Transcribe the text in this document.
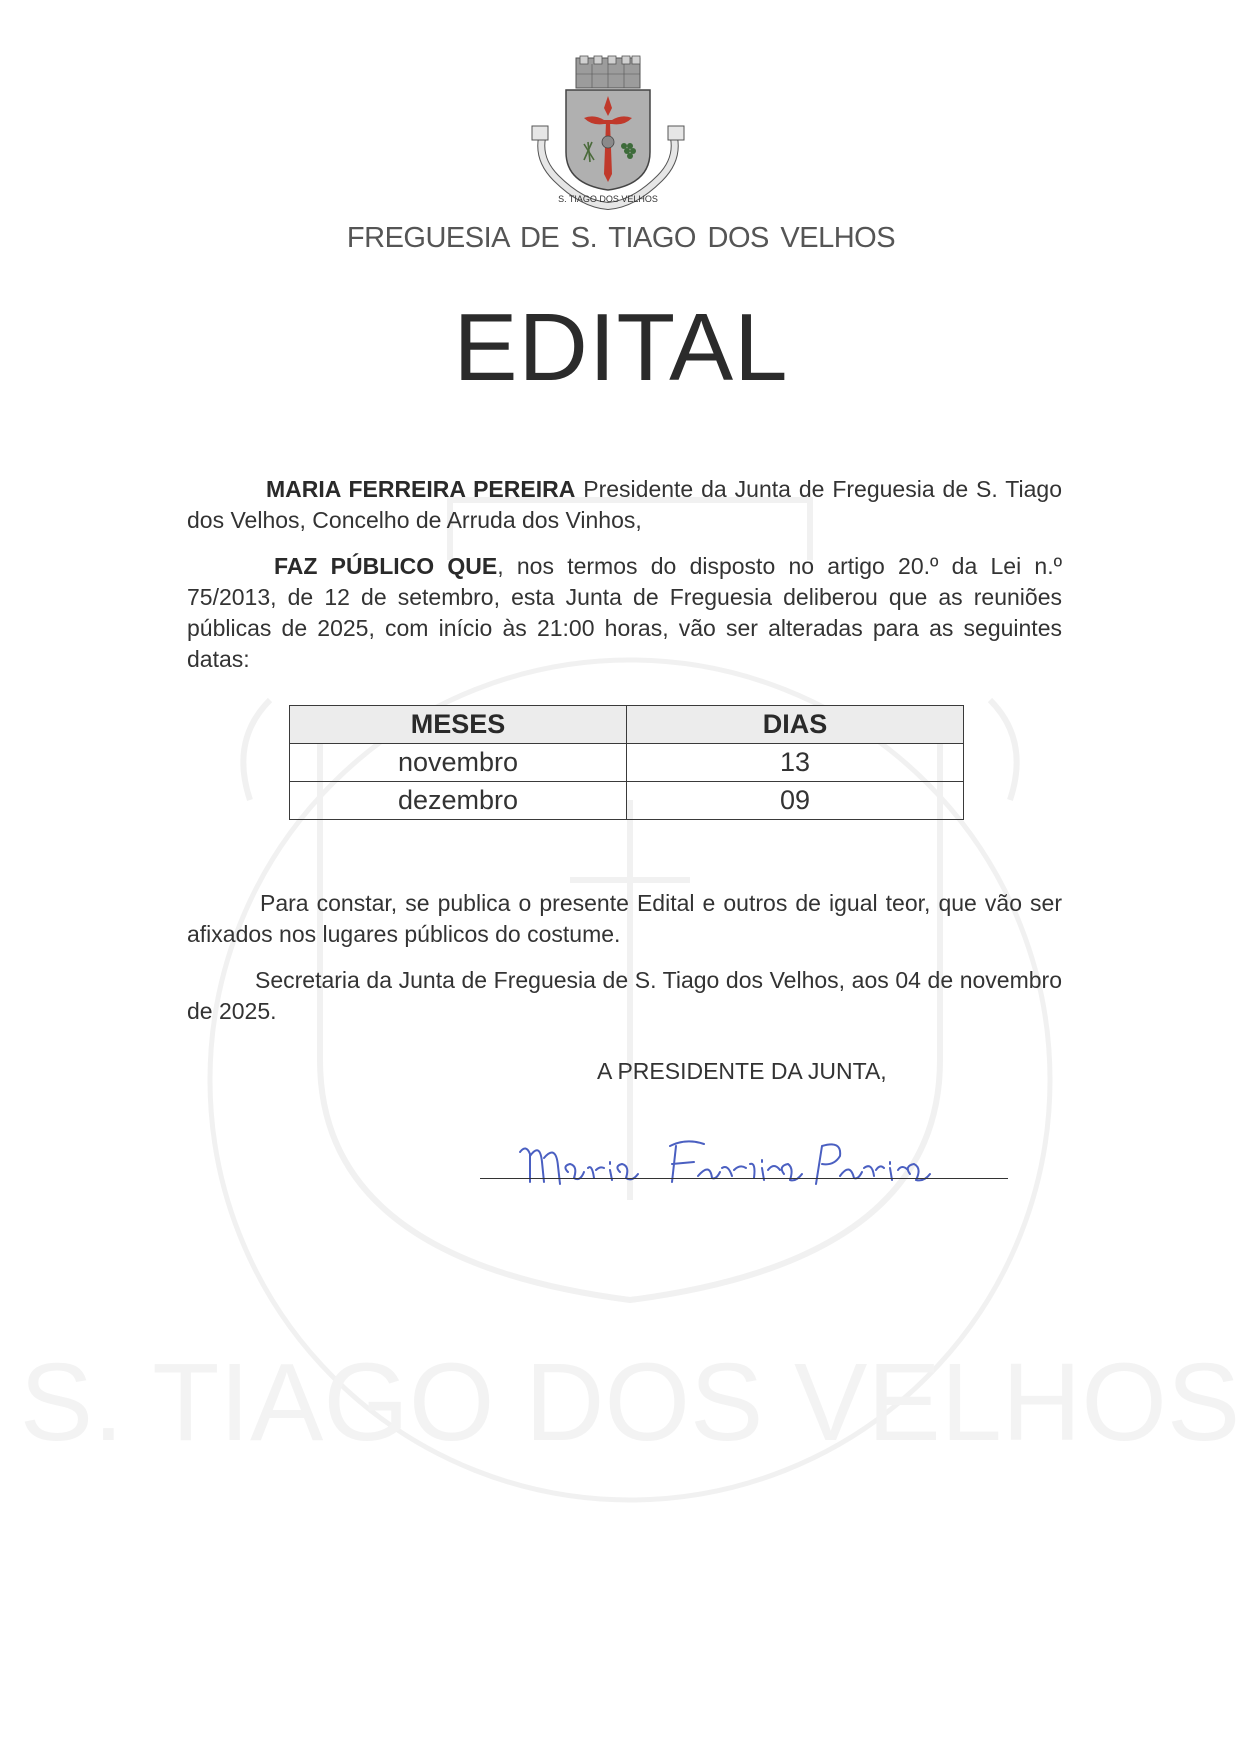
S. TIAGO DOS VELHOS
S. TIAGO DOS VELHOS
FREGUESIA DE S. TIAGO DOS VELHOS
EDITAL

MARIA FERREIRA PEREIRA Presidente da Junta de Freguesia de S. Tiago dos Velhos, Concelho de Arruda dos Vinhos,

FAZ PÚBLICO QUE, nos termos do disposto no artigo 20.º da Lei n.º 75/2013, de 12 de setembro, esta Junta de Freguesia deliberou que as reuniões públicas de 2025, com início às 21:00 horas, vão ser alteradas para as seguintes datas:

MESES	DIAS
novembro	13
dezembro	09

Para constar, se publica o presente Edital e outros de igual teor, que vão ser afixados nos lugares públicos do costume.

Secretaria da Junta de Freguesia de S. Tiago dos Velhos, aos 04 de novembro de 2025.

A PRESIDENTE DA JUNTA,
